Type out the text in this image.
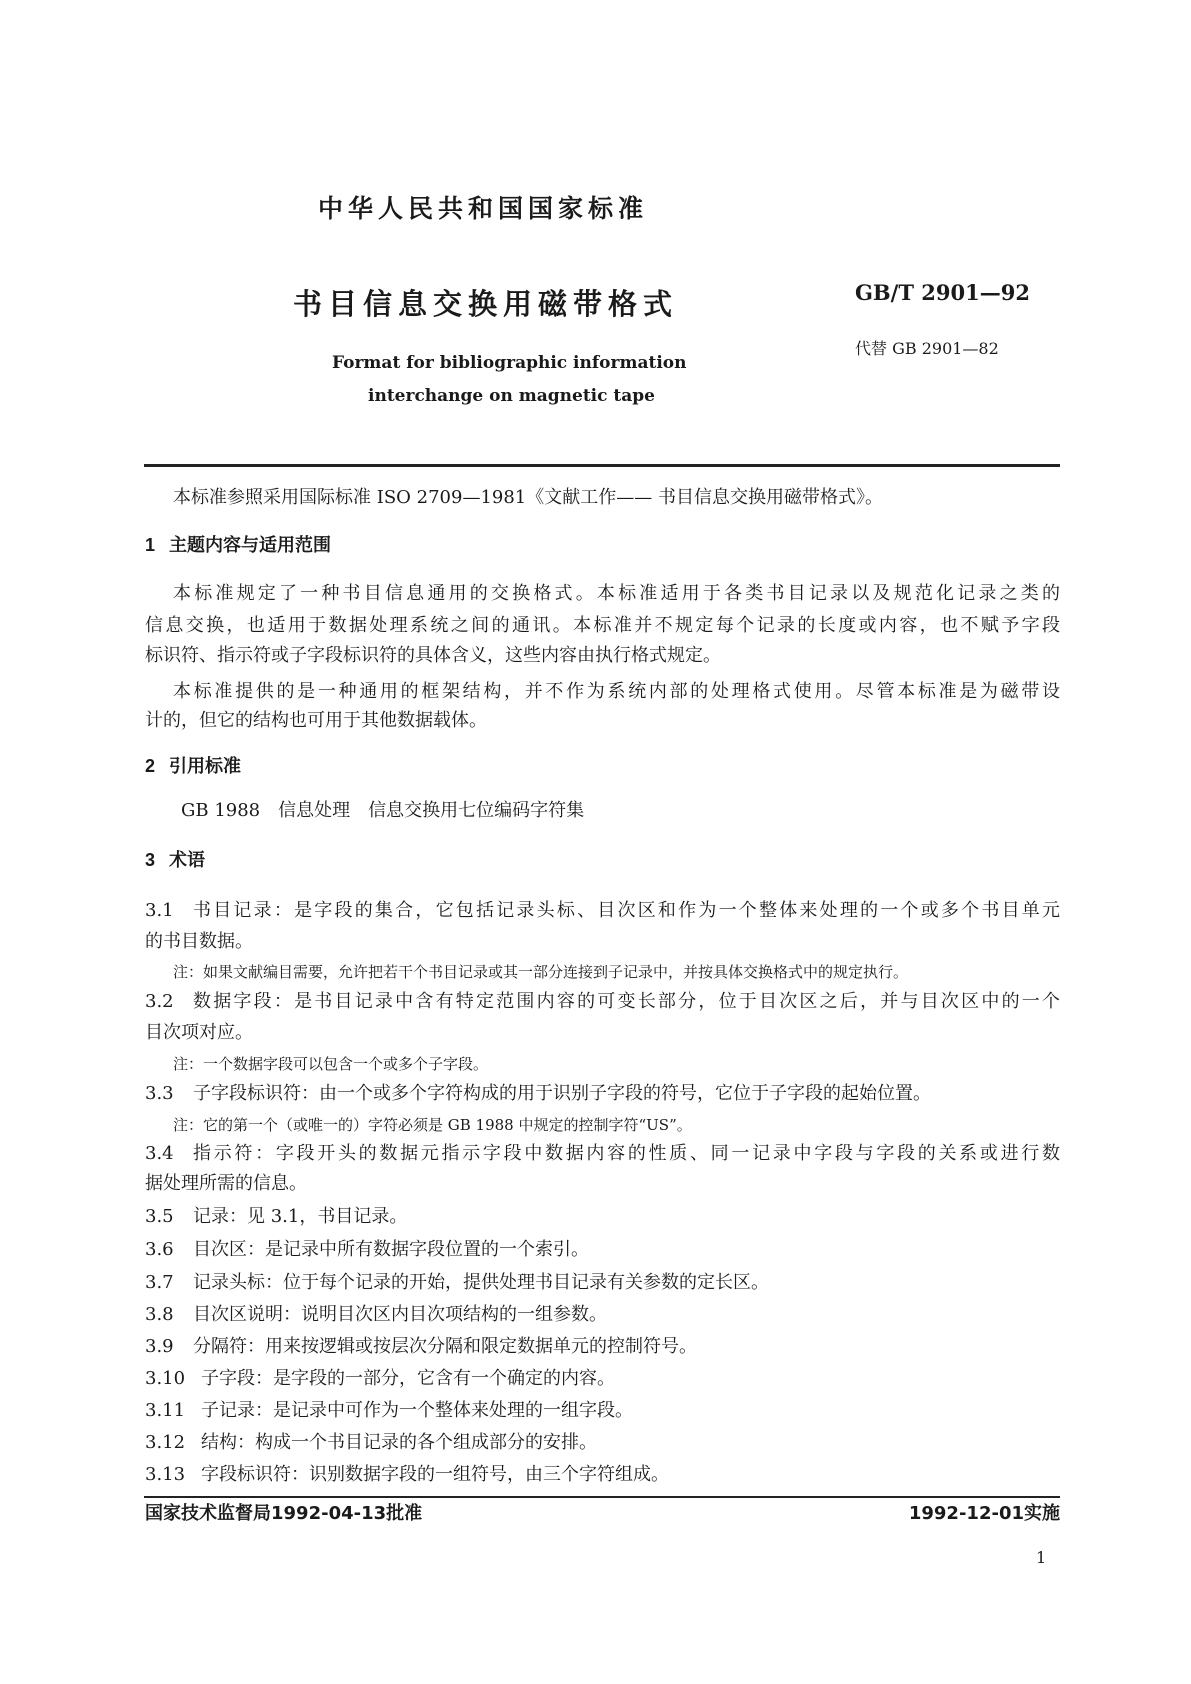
中华人民共和国国家标准
书目信息交换用磁带格式	GB/T 2901—92
代替 GB 2901—82
Format for bibliographic information
interchange on magnetic tape
本标准参照采用国际标准 ISO 2709—1981《文献工作—— 书目信息交换用磁带格式》。
1 主题内容与适用范围
本标准规定了一种书目信息通用的交换格式。本标准适用于各类书目记录以及规范化记录之类的
信息交换，也适用于数据处理系统之间的通讯。本标准并不规定每个记录的长度或内容，也不赋予字段
标识符、指示符或子字段标识符的具体含义，这些内容由执行格式规定。
本标准提供的是一种通用的框架结构，并不作为系统内部的处理格式使用。尽管本标准是为磁带设
计的，但它的结构也可用于其他数据载体。
2 引用标准
GB 1988　信息处理　信息交换用七位编码字符集
3 术语
3.1 书目记录：是字段的集合，它包括记录头标、目次区和作为一个整体来处理的一个或多个书目单元
的书目数据。
注：如果文献编目需要，允许把若干个书目记录或其一部分连接到子记录中，并按具体交换格式中的规定执行。
3.2 数据字段：是书目记录中含有特定范围内容的可变长部分，位于目次区之后，并与目次区中的一个
目次项对应。
注：一个数据字段可以包含一个或多个子字段。
3.3 子字段标识符：由一个或多个字符构成的用于识别子字段的符号，它位于子字段的起始位置。
注：它的第一个（或唯一的）字符必须是 GB 1988 中规定的控制字符“US”。
3.4 指示符：字段开头的数据元指示字段中数据内容的性质、同一记录中字段与字段的关系或进行数
据处理所需的信息。
3.5 记录：见 3.1，书目记录。
3.6 目次区：是记录中所有数据字段位置的一个索引。
3.7 记录头标：位于每个记录的开始，提供处理书目记录有关参数的定长区。
3.8 目次区说明：说明目次区内目次项结构的一组参数。
3.9 分隔符：用来按逻辑或按层次分隔和限定数据单元的控制符号。
3.10 子字段：是字段的一部分，它含有一个确定的内容。
3.11 子记录：是记录中可作为一个整体来处理的一组字段。
3.12 结构：构成一个书目记录的各个组成部分的安排。
3.13 字段标识符：识别数据字段的一组符号，由三个字符组成。
国家技术监督局1992-04-13批准	1992-12-01实施
1
